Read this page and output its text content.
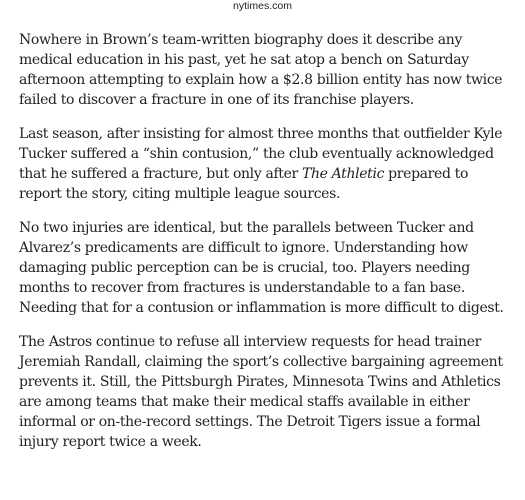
nytimes.com

Nowhere in Brown’s team-written biography does it describe any medical education in his past, yet he sat atop a bench on Saturday afternoon attempting to explain how a $2.8 billion entity has now twice failed to discover a fracture in one of its franchise players.

Last season, after insisting for almost three months that outfielder Kyle Tucker suffered a “shin contusion,” the club eventually acknowledged that he suffered a fracture, but only after The Athletic prepared to report the story, citing multiple league sources.

No two injuries are identical, but the parallels between Tucker and Alvarez’s predicaments are difficult to ignore. Understanding how damaging public perception can be is crucial, too. Players needing months to recover from fractures is understandable to a fan base. Needing that for a contusion or inflammation is more difficult to digest.

The Astros continue to refuse all interview requests for head trainer Jeremiah Randall, claiming the sport’s collective bargaining agreement prevents it. Still, the Pittsburgh Pirates, Minnesota Twins and Athletics are among teams that make their medical staffs available in either informal or on-the-record settings. The Detroit Tigers issue a formal injury report twice a week.
